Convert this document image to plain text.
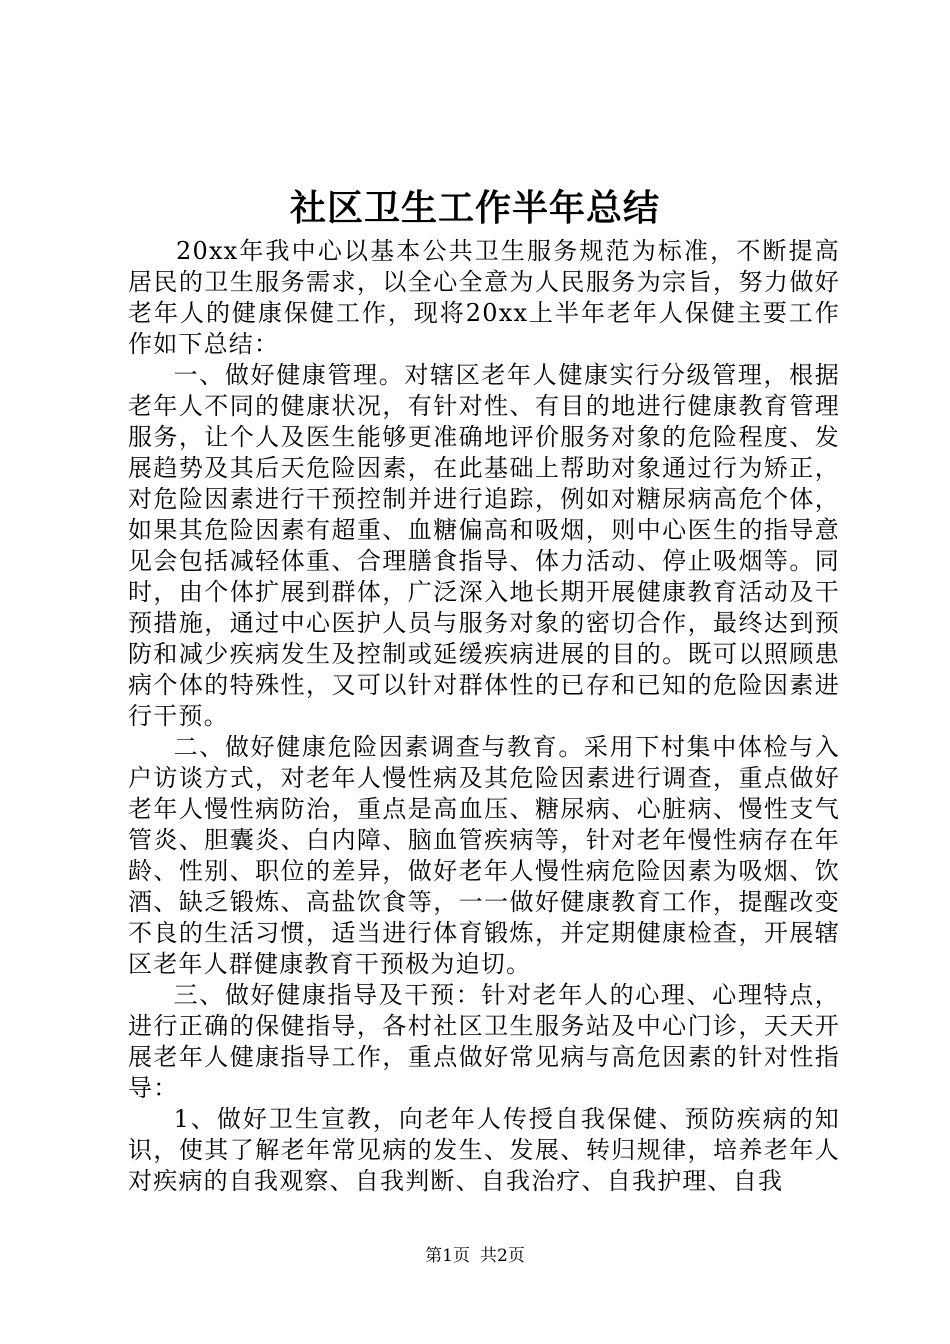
社区卫生工作半年总结

20xx年我中心以基本公共卫生服务规范为标准，不断提高居民的卫生服务需求，以全心全意为人民服务为宗旨，努力做好老年人的健康保健工作，现将20xx上半年老年人保健主要工作作如下总结：

一、做好健康管理。对辖区老年人健康实行分级管理，根据老年人不同的健康状况，有针对性、有目的地进行健康教育管理服务，让个人及医生能够更准确地评价服务对象的危险程度、发展趋势及其后天危险因素，在此基础上帮助对象通过行为矫正，对危险因素进行干预控制并进行追踪，例如对糖尿病高危个体，如果其危险因素有超重、血糖偏高和吸烟，则中心医生的指导意见会包括减轻体重、合理膳食指导、体力活动、停止吸烟等。同时，由个体扩展到群体，广泛深入地长期开展健康教育活动及干预措施，通过中心医护人员与服务对象的密切合作，最终达到预防和减少疾病发生及控制或延缓疾病进展的目的。既可以照顾患病个体的特殊性，又可以针对群体性的已存和已知的危险因素进行干预。

二、做好健康危险因素调查与教育。采用下村集中体检与入户访谈方式，对老年人慢性病及其危险因素进行调查，重点做好老年人慢性病防治，重点是高血压、糖尿病、心脏病、慢性支气管炎、胆囊炎、白内障、脑血管疾病等，针对老年慢性病存在年龄、性别、职位的差异，做好老年人慢性病危险因素为吸烟、饮酒、缺乏锻炼、高盐饮食等，一一做好健康教育工作，提醒改变不良的生活习惯，适当进行体育锻炼，并定期健康检查，开展辖区老年人群健康教育干预极为迫切。

三、做好健康指导及干预：针对老年人的心理、心理特点，进行正确的保健指导，各村社区卫生服务站及中心门诊，天天开展老年人健康指导工作，重点做好常见病与高危因素的针对性指导：

1、做好卫生宣教，向老年人传授自我保健、预防疾病的知识，使其了解老年常见病的发生、发展、转归规律，培养老年人对疾病的自我观察、自我判断、自我治疗、自我护理、自我

第1页 共2页
